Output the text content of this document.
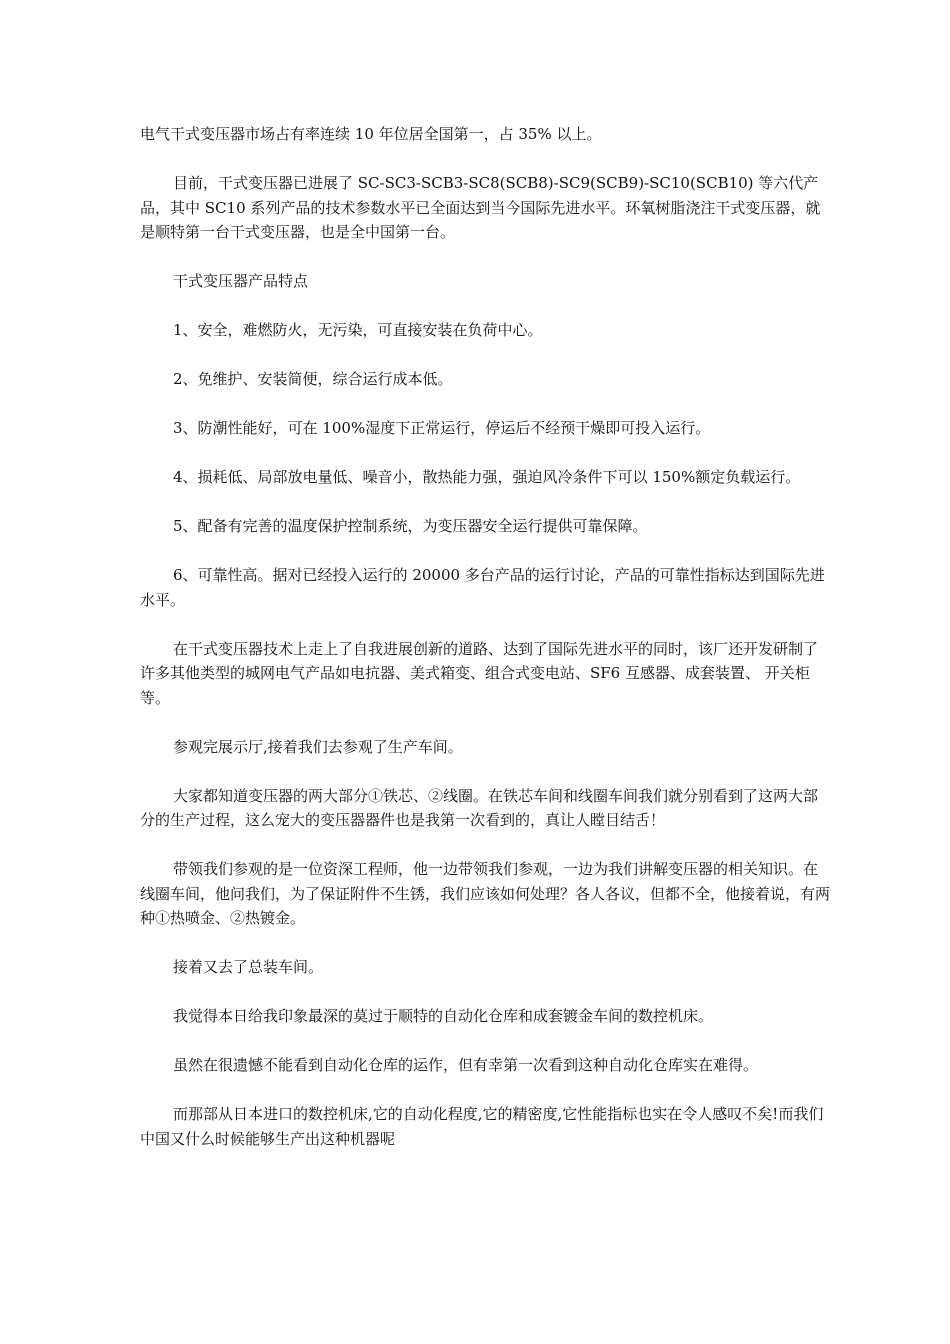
电气干式变压器市场占有率连续 10 年位居全国第一，占 35% 以上。

目前，干式变压器已进展了 SC-SC3-SCB3-SC8(SCB8)-SC9(SCB9)-SC10(SCB10) 等六代产品，其中 SC10 系列产品的技术参数水平已全面达到当今国际先进水平。环氧树脂浇注干式变压器，就是顺特第一台干式变压器，也是全中国第一台。

干式变压器产品特点

1、安全，难燃防火，无污染，可直接安装在负荷中心。

2、免维护、安装简便，综合运行成本低。

3、防潮性能好，可在 100%湿度下正常运行，停运后不经预干燥即可投入运行。

4、损耗低、局部放电量低、噪音小，散热能力强，强迫风冷条件下可以 150%额定负载运行。

5、配备有完善的温度保护控制系统，为变压器安全运行提供可靠保障。

6、可靠性高。据对已经投入运行的 20000 多台产品的运行讨论，产品的可靠性指标达到国际先进水平。

在干式变压器技术上走上了自我进展创新的道路、达到了国际先进水平的同时，该厂还开发研制了许多其他类型的城网电气产品如电抗器、美式箱变、组合式变电站、SF6 互感器、成套装置、 开关柜等。

参观完展示厅,接着我们去参观了生产车间。

大家都知道变压器的两大部分①铁芯、②线圈。在铁芯车间和线圈车间我们就分别看到了这两大部分的生产过程，这么宠大的变压器器件也是我第一次看到的，真让人瞠目结舌！

带领我们参观的是一位资深工程师，他一边带领我们参观，一边为我们讲解变压器的相关知识。在线圈车间，他问我们，为了保证附件不生锈，我们应该如何处理？各人各议，但都不全，他接着说，有两种①热喷金、②热镀金。

接着又去了总装车间。

我觉得本日给我印象最深的莫过于顺特的自动化仓库和成套镀金车间的数控机床。

虽然在很遗憾不能看到自动化仓库的运作，但有幸第一次看到这种自动化仓库实在难得。

而那部从日本进口的数控机床,它的自动化程度,它的精密度,它性能指标也实在令人感叹不矣!而我们中国又什么时候能够生产出这种机器呢
